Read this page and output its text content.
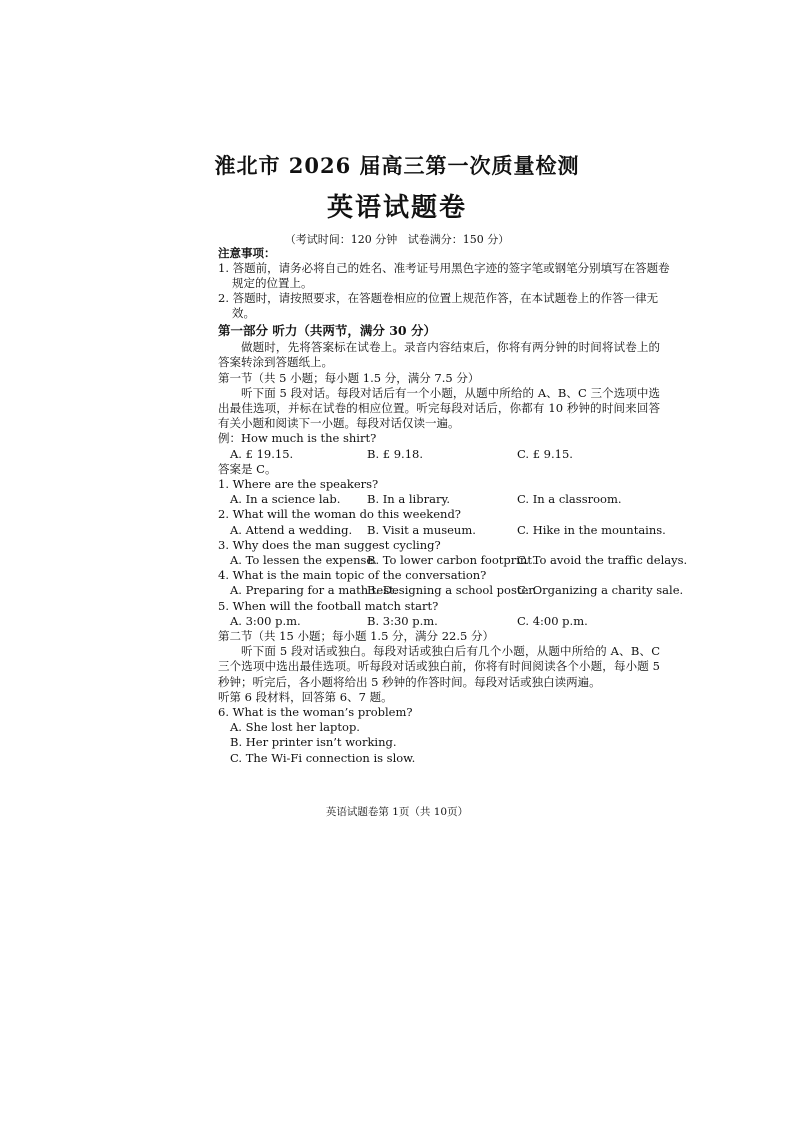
淮北市 2026 届高三第一次质量检测
英语试题卷
（考试时间：120 分钟   试卷满分：150 分）
注意事项：
1. 答题前，请务必将自己的姓名、准考证号用黑色字迹的签字笔或钢笔分别填写在答题卷规定的位置上。
2. 答题时，请按照要求，在答题卷相应的位置上规范作答，在本试题卷上的作答一律无效。
第一部分 听力（共两节，满分 30 分）
做题时，先将答案标在试卷上。录音内容结束后，你将有两分钟的时间将试卷上的答案转涂到答题纸上。
第一节（共 5 小题；每小题 1.5 分，满分 7.5 分）
听下面 5 段对话。每段对话后有一个小题，从题中所给的 A、B、C 三个选项中选出最佳选项，并标在试卷的相应位置。听完每段对话后，你都有 10 秒钟的时间来回答有关小题和阅读下一小题。每段对话仅读一遍。
例：How much is the shirt?
A. £ 19.15.	B. £ 9.18.	C. £ 9.15.
答案是 C。
1. Where are the speakers?
A. In a science lab. B. In a library.	C. In a classroom.
2. What will the woman do this weekend?
A. Attend a wedding. B. Visit a museum.	C. Hike in the mountains.
3. Why does the man suggest cycling?
A. To lessen the expense.
B. To lower carbon footprint.
C. To avoid the traffic delays.
4. What is the main topic of the conversation?
A. Preparing for a math test.
B. Designing a school poster.
C. Organizing a charity sale.
5. When will the football match start?
A. 3:00 p.m.	B. 3:30 p.m.	C. 4:00 p.m.
第二节（共 15 小题；每小题 1.5 分，满分 22.5 分）
听下面 5 段对话或独白。每段对话或独白后有几个小题，从题中所给的 A、B、C 三个选项中选出最佳选项。听每段对话或独白前，你将有时间阅读各个小题，每小题 5 秒钟；听完后，各小题将给出 5 秒钟的作答时间。每段对话或独白读两遍。
听第 6 段材料，回答第 6、7 题。
6. What is the woman’s problem?
A. She lost her laptop.
B. Her printer isn’t working.
C. The Wi-Fi connection is slow.
英语试题卷第 1页（共 10页）
